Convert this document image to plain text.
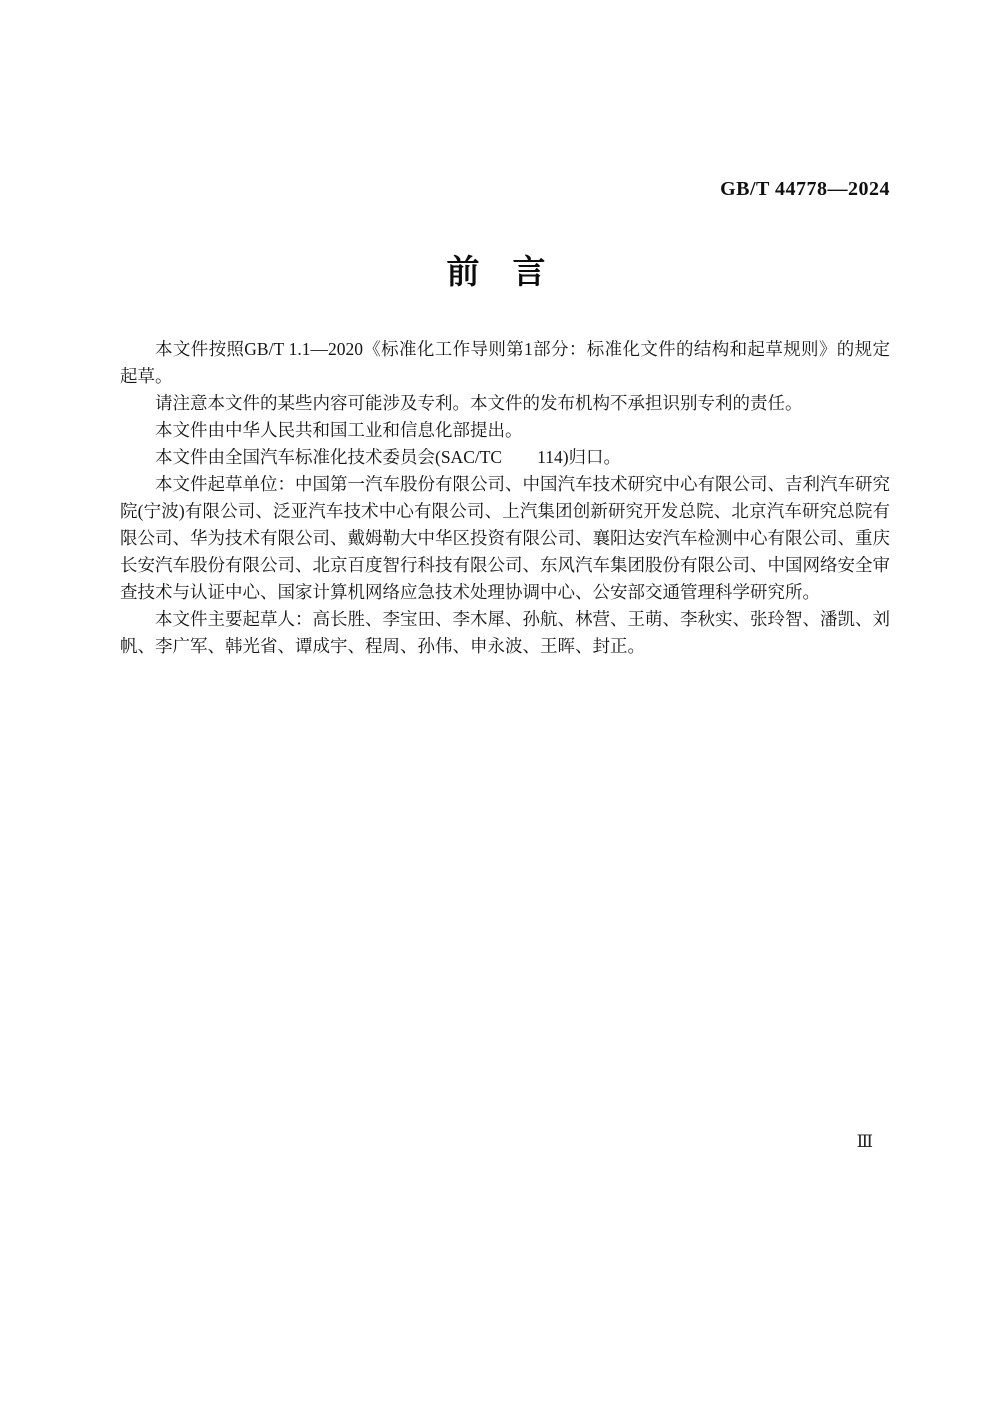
GB/T 44778—2024
前　言

本文件按照GB/T 1.1—2020《标准化工作导则第1部分：标准化文件的结构和起草规则》的规定起草。

请注意本文件的某些内容可能涉及专利。本文件的发布机构不承担识别专利的责任。

本文件由中华人民共和国工业和信息化部提出。

本文件由全国汽车标准化技术委员会(SAC/TC　　114)归口。

本文件起草单位：中国第一汽车股份有限公司、中国汽车技术研究中心有限公司、吉利汽车研究院(宁波)有限公司、泛亚汽车技术中心有限公司、上汽集团创新研究开发总院、北京汽车研究总院有限公司、华为技术有限公司、戴姆勒大中华区投资有限公司、襄阳达安汽车检测中心有限公司、重庆长安汽车股份有限公司、北京百度智行科技有限公司、东风汽车集团股份有限公司、中国网络安全审查技术与认证中心、国家计算机网络应急技术处理协调中心、公安部交通管理科学研究所。

本文件主要起草人：高长胜、李宝田、李木犀、孙航、林营、王萌、李秋实、张玲智、潘凯、刘帆、李广军、韩光省、谭成宇、程周、孙伟、申永波、王晖、封正。

Ⅲ
